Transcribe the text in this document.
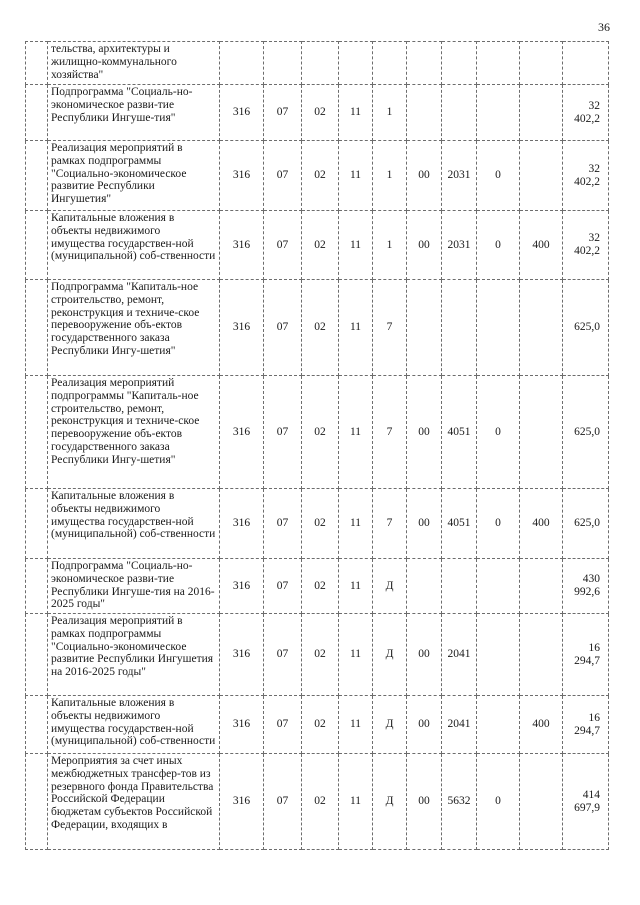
36
	тельства, архитектуры и жилищно-коммунального хозяйства"										
	Подпрограмма "Социаль-но-экономическое разви-тие Республики Ингуше-тия"	316	07	02	11	1					32 402,2
	Реализация мероприятий в рамках подпрограммы "Социально-экономическое развитие Республики Ингушетия"	316	07	02	11	1	00	2031	0		32 402,2
	Капитальные вложения в объекты недвижимого имущества государствен-ной (муниципальной) соб-ственности	316	07	02	11	1	00	2031	0	400	32 402,2
	Подпрограмма "Капиталь-ное строительство, ремонт, реконструкция и техниче-ское перевооружение объ-ектов государственного заказа Республики Ингу-шетия"	316	07	02	11	7					625,0
	Реализация мероприятий подпрограммы "Капиталь-ное строительство, ремонт, реконструкция и техниче-ское перевооружение объ-ектов государственного заказа Республики Ингу-шетия"	316	07	02	11	7	00	4051	0		625,0
	Капитальные вложения в объекты недвижимого имущества государствен-ной (муниципальной) соб-ственности	316	07	02	11	7	00	4051	0	400	625,0
	Подпрограмма "Социаль-но-экономическое разви-тие Республики Ингуше-тия на 2016-2025 годы"	316	07	02	11	Д					430 992,6
	Реализация мероприятий в рамках подпрограммы "Социально-экономическое развитие Республики Ингушетия на 2016-2025 годы"	316	07	02	11	Д	00	2041			16 294,7
	Капитальные вложения в объекты недвижимого имущества государствен-ной (муниципальной) соб-ственности	316	07	02	11	Д	00	2041		400	16 294,7
	Мероприятия за счет иных межбюджетных трансфер-тов из резервного фонда Правительства Российской Федерации бюджетам субъектов Российской Федерации, входящих в	316	07	02	11	Д	00	5632	0		414 697,9
